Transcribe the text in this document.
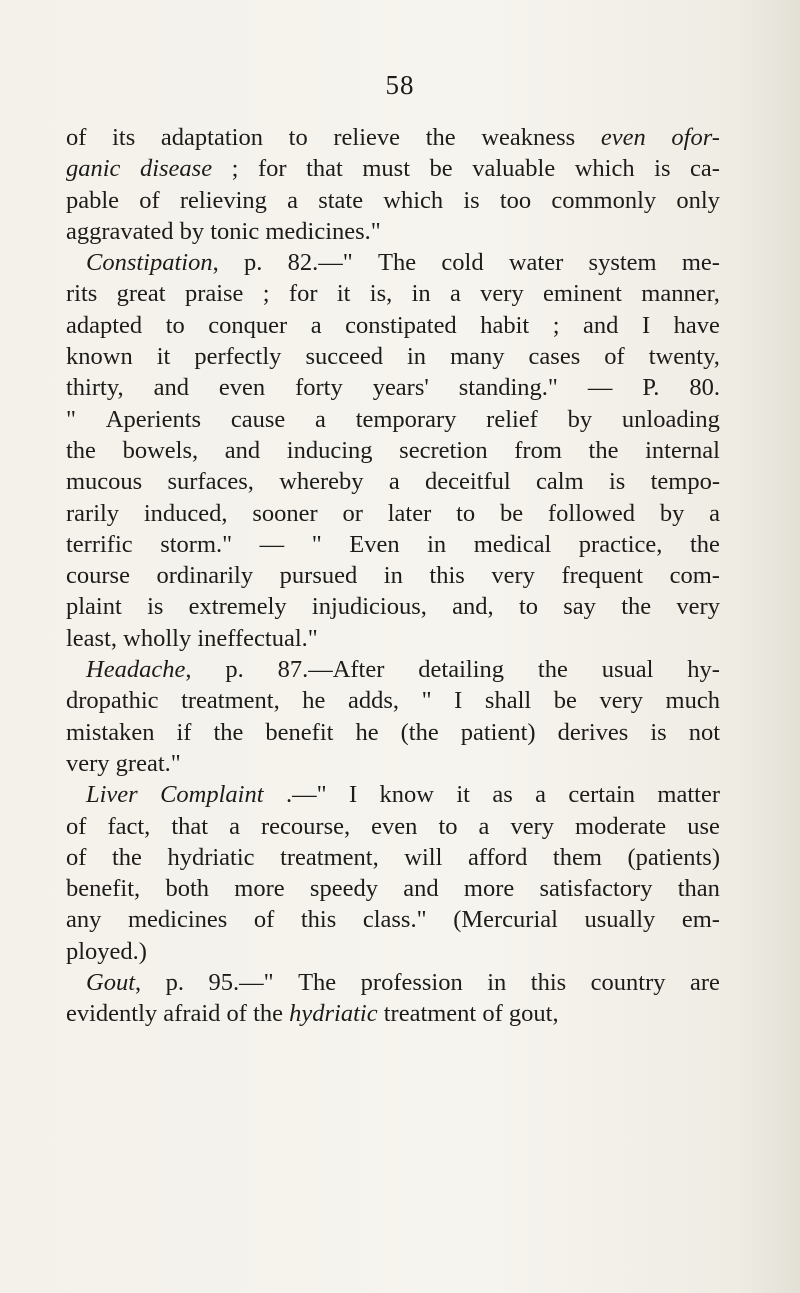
58
of its adaptation to relieve the weakness even ofor-
ganic disease ; for that must be valuable which is ca-
pable of relieving a state which is too commonly only
aggravated by tonic medicines."
Constipation, p. 82.—" The cold water system me-
rits great praise ; for it is, in a very eminent manner,
adapted to conquer a constipated habit ; and I have
known it perfectly succeed in many cases of twenty,
thirty, and even forty years' standing." — P. 80.
" Aperients cause a temporary relief by unloading
the bowels, and inducing secretion from the internal
mucous surfaces, whereby a deceitful calm is tempo-
rarily induced, sooner or later to be followed by a
terrific storm." — " Even in medical practice, the
course ordinarily pursued in this very frequent com-
plaint is extremely injudicious, and, to say the very
least, wholly ineffectual."
Headache, p. 87.—After detailing the usual hy-
dropathic treatment, he adds, " I shall be very much
mistaken if the benefit he (the patient) derives is not
very great."
Liver Complaint .—" I know it as a certain matter
of fact, that a recourse, even to a very moderate use
of the hydriatic treatment, will afford them (patients)
benefit, both more speedy and more satisfactory than
any medicines of this class." (Mercurial usually em-
ployed.)
Gout, p. 95.—" The profession in this country are
evidently afraid of the hydriatic treatment of gout,
